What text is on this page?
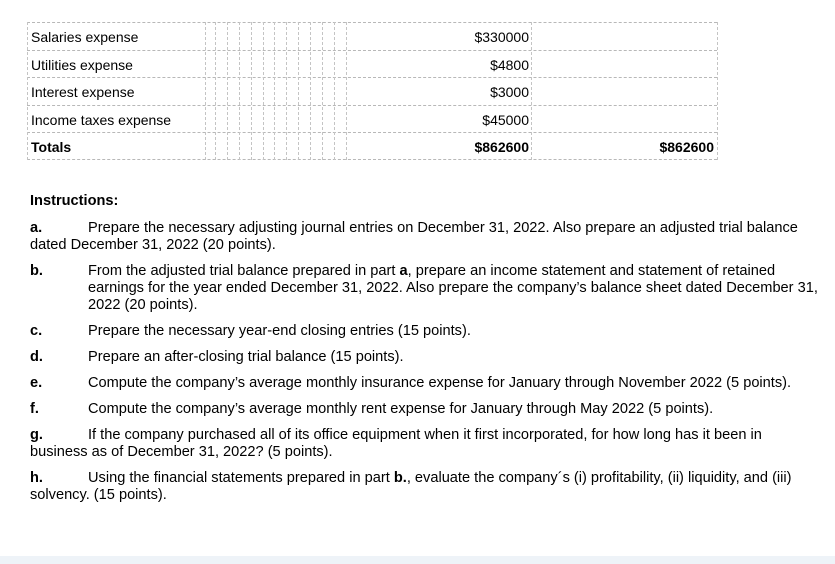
Salaries expense	$330000
Utilities expense	$4800
Interest expense	$3000
Income taxes expense	$45000
Totals	$862600	$862600
Instructions:
a.	Prepare the necessary adjusting journal entries on December 31, 2022. Also prepare an adjusted trial balance dated December 31, 2022 (20 points).
b.	From the adjusted trial balance prepared in part a, prepare an income statement and statement of retained earnings for the year ended December 31, 2022. Also prepare the company’s balance sheet dated December 31, 2022 (20 points).
c.	Prepare the necessary year-end closing entries (15 points).
d.	Prepare an after-closing trial balance (15 points).
e.	Compute the company’s average monthly insurance expense for January through November 2022 (5 points).
f.	Compute the company’s average monthly rent expense for January through May 2022 (5 points).
g.	If the company purchased all of its office equipment when it first incorporated, for how long has it been in business as of December 31, 2022? (5 points).
h.	Using the financial statements prepared in part b., evaluate the company´s (i) profitability, (ii) liquidity, and (iii) solvency. (15 points).
